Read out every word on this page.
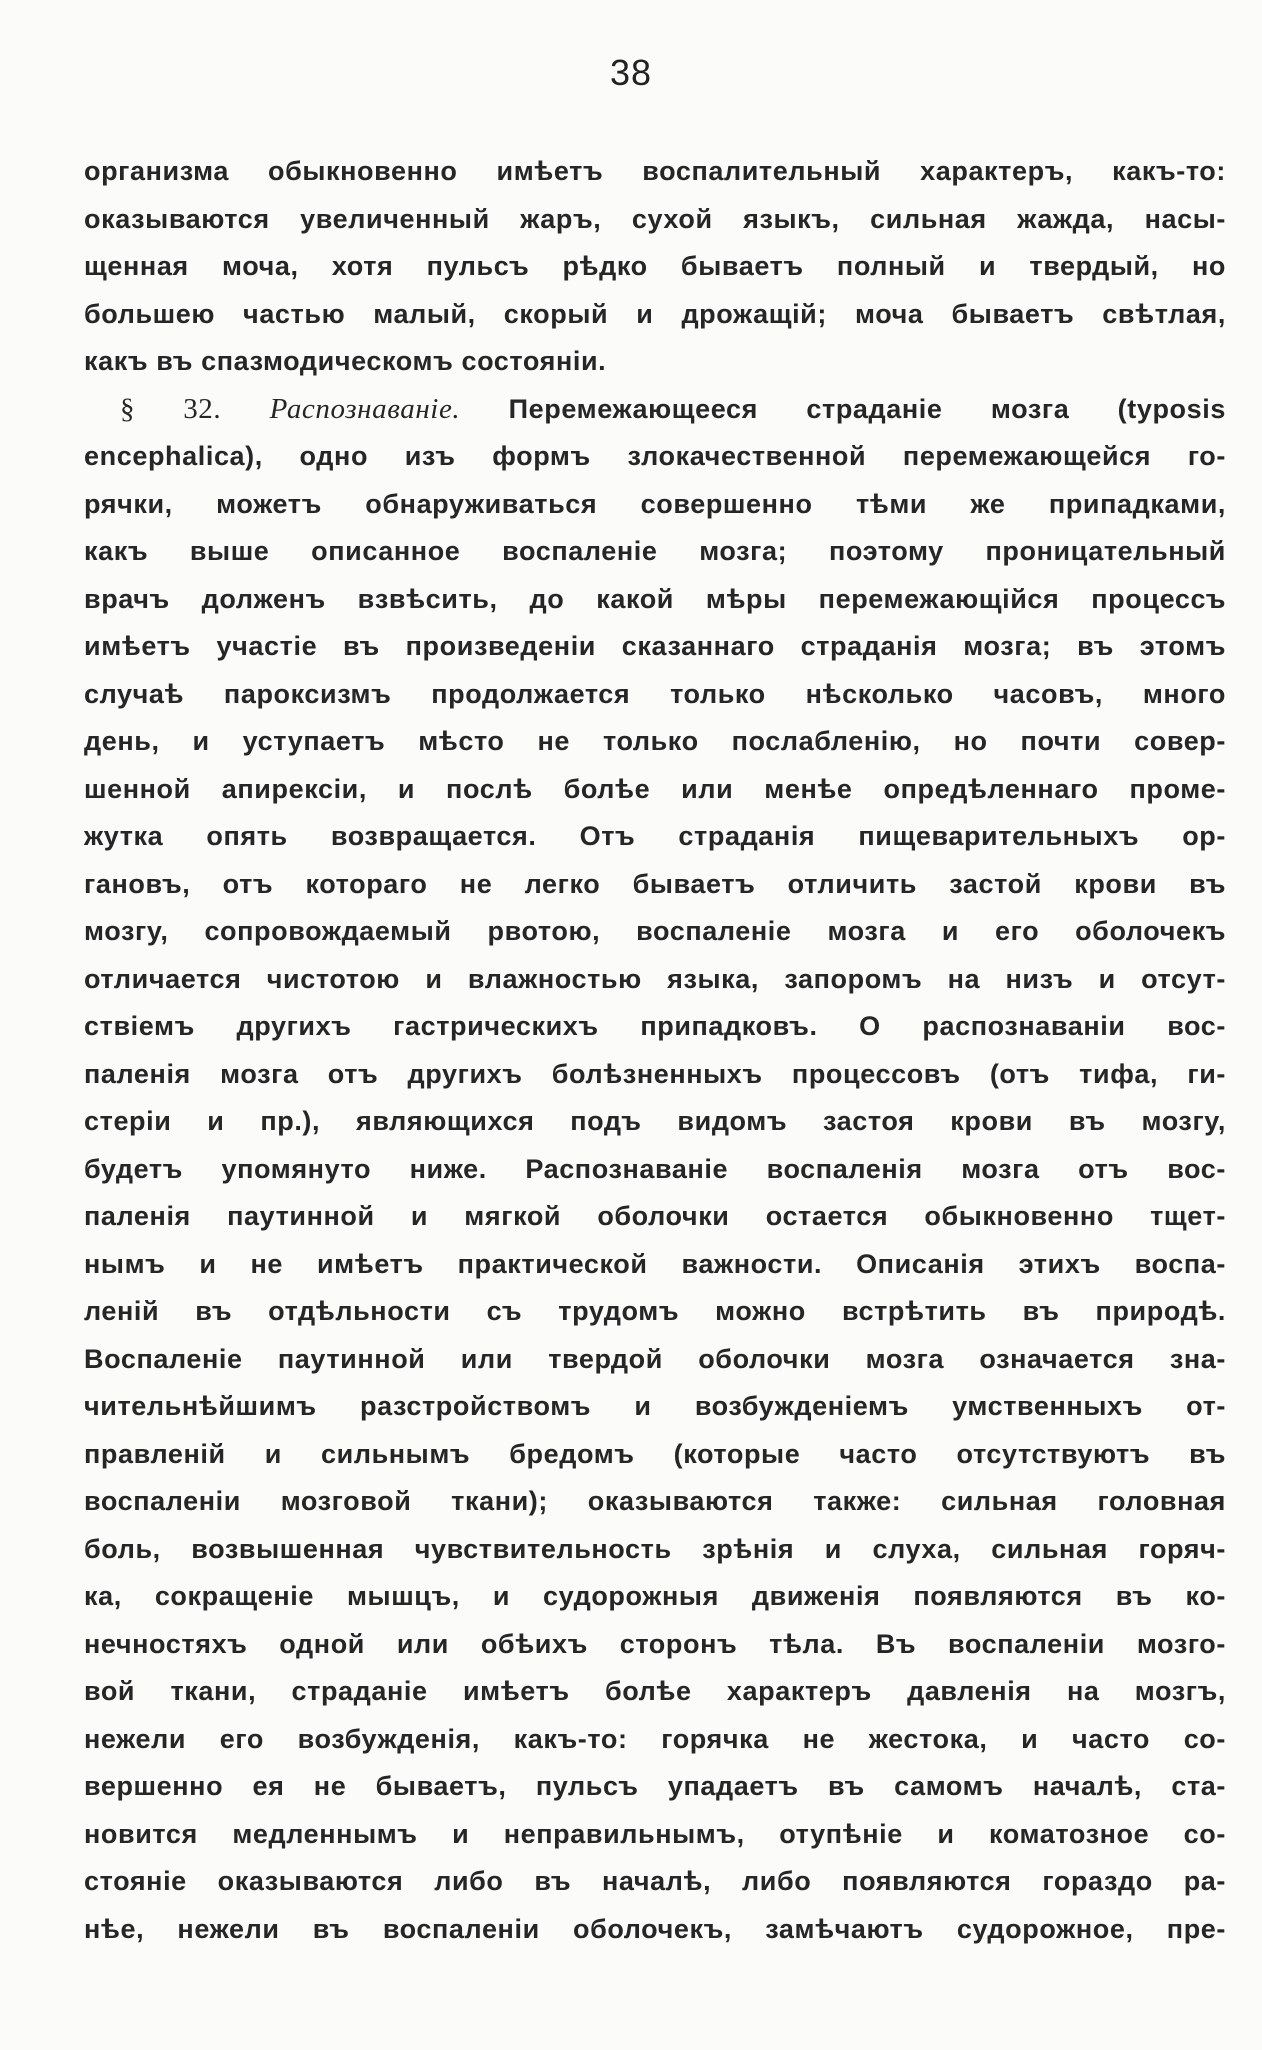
38
организма обыкновенно имѣетъ воспалительный характеръ, какъ-то:
оказываются увеличенный жаръ, сухой языкъ, сильная жажда, насы-
щенная моча, хотя пульсъ рѣдко бываетъ полный и твердый, но
большею частью малый, скорый и дрожащій; моча бываетъ свѣтлая,
какъ въ спазмодическомъ состояніи.
§ 32. Распознаваніе. Перемежающееся страданіе мозга (typosis
encephalica), одно изъ формъ злокачественной перемежающейся го-
рячки, можетъ обнаруживаться совершенно тѣми же припадками,
какъ выше описанное воспаленіе мозга; поэтому проницательный
врачъ долженъ взвѣсить, до какой мѣры перемежающійся процессъ
имѣетъ участіе въ произведеніи сказаннаго страданія мозга; въ этомъ
случаѣ пароксизмъ продолжается только нѣсколько часовъ, много
день, и уступаетъ мѣсто не только послабленію, но почти совер-
шенной апирексіи, и послѣ болѣе или менѣе опредѣленнаго проме-
жутка опять возвращается. Отъ страданія пищеварительныхъ ор-
гановъ, отъ котораго не легко бываетъ отличить застой крови въ
мозгу, сопровождаемый рвотою, воспаленіе мозга и его оболочекъ
отличается чистотою и влажностью языка, запоромъ на низъ и отсут-
ствіемъ другихъ гастрическихъ припадковъ. О распознаваніи вос-
паленія мозга отъ другихъ болѣзненныхъ процессовъ (отъ тифа, ги-
стеріи и пр.), являющихся подъ видомъ застоя крови въ мозгу,
будетъ упомянуто ниже. Распознаваніе воспаленія мозга отъ вос-
паленія паутинной и мягкой оболочки остается обыкновенно тщет-
нымъ и не имѣетъ практической важности. Описанія этихъ воспа-
леній въ отдѣльности съ трудомъ можно встрѣтить въ природѣ.
Воспаленіе паутинной или твердой оболочки мозга означается зна-
чительнѣйшимъ разстройствомъ и возбужденіемъ умственныхъ от-
правленій и сильнымъ бредомъ (которые часто отсутствуютъ въ
воспаленіи мозговой ткани); оказываются также: сильная головная
боль, возвышенная чувствительность зрѣнія и слуха, сильная горяч-
ка, сокращеніе мышцъ, и судорожныя движенія появляются въ ко-
нечностяхъ одной или обѣихъ сторонъ тѣла. Въ воспаленіи мозго-
вой ткани, страданіе имѣетъ болѣе характеръ давленія на мозгъ,
нежели его возбужденія, какъ-то: горячка не жестока, и часто со-
вершенно ея не бываетъ, пульсъ упадаетъ въ самомъ началѣ, ста-
новится медленнымъ и неправильнымъ, отупѣніе и коматозное со-
стояніе оказываются либо въ началѣ, либо появляются гораздо ра-
нѣе, нежели въ воспаленіи оболочекъ, замѣчаютъ судорожное, пре-
